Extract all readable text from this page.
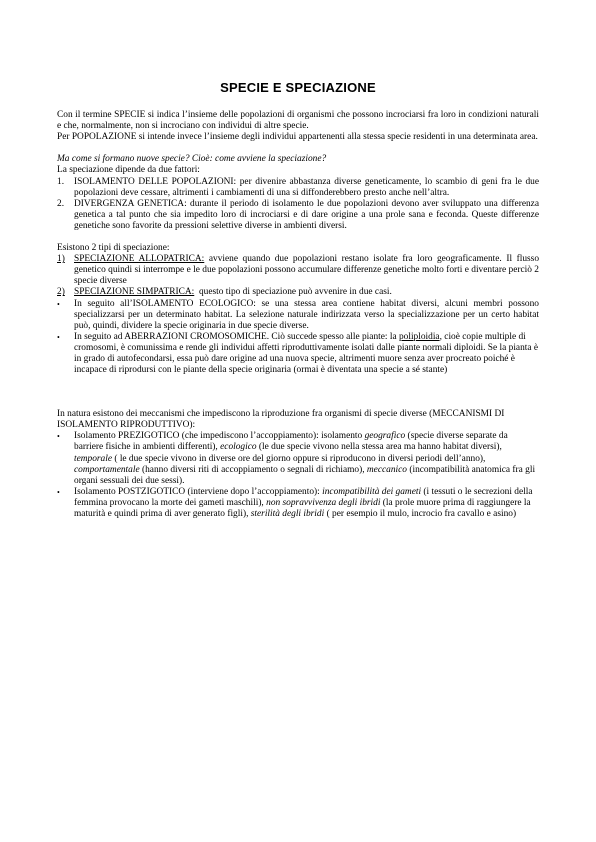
SPECIE E SPECIAZIONE

Con il termine SPECIE si indica l’insieme delle popolazioni di organismi che possono incrociarsi fra loro in condizioni naturali e che, normalmente, non si incrociano con individui di altre specie.

Per POPOLAZIONE si intende invece l’insieme degli individui appartenenti alla stessa specie residenti in una determinata area.

Ma come si formano nuove specie? Cioè: come avviene la speciazione?

La speciazione dipende da due fattori:

1.	ISOLAMENTO DELLE POPOLAZIONI: per divenire abbastanza diverse geneticamente, lo scambio di geni fra le due popolazioni deve cessare, altrimenti i cambiamenti di una si diffonderebbero presto anche nell’altra.
2.	DIVERGENZA GENETICA: durante il periodo di isolamento le due popolazioni devono aver sviluppato una differenza genetica a tal punto che sia impedito loro di incrociarsi e di dare origine a una prole sana e feconda. Queste differenze genetiche sono favorite da pressioni selettive diverse in ambienti diversi.

Esistono 2 tipi di speciazione:

1) SPECIAZIONE ALLOPATRICA: avviene quando due popolazioni restano isolate fra loro geograficamente. Il flusso genetico quindi si interrompe e le due popolazioni possono accumulare differenze genetiche molto forti e diventare perciò 2 specie diverse
2) SPECIAZIONE SIMPATRICA:  questo tipo di speciazione può avvenire in due casi.
•	In seguito all’ISOLAMENTO ECOLOGICO: se una stessa area contiene habitat diversi, alcuni membri possono specializzarsi per un determinato habitat. La selezione naturale indirizzata verso la specializzazione per un certo habitat può, quindi, dividere la specie originaria in due specie diverse.
•	In seguito ad ABERRAZIONI CROMOSOMICHE. Ciò succede spesso alle piante: la poliploidia, cioè copie multiple di cromosomi, è comunissima e rende gli individui affetti riproduttivamente isolati dalle piante normali diploidi. Se la pianta è in grado di autofecondarsi, essa può dare origine ad una nuova specie, altrimenti muore senza aver procreato poiché è incapace di riprodursi con le piante della specie originaria (ormai è diventata una specie a sé stante)

In natura esistono dei meccanismi che impediscono la riproduzione fra organismi di specie diverse (MECCANISMI DI ISOLAMENTO RIPRODUTTIVO):

•	Isolamento PREZIGOTICO (che impediscono l’accoppiamento): isolamento geografico (specie diverse separate da barriere fisiche in ambienti differenti), ecologico (le due specie vivono nella stessa area ma hanno habitat diversi), temporale ( le due specie vivono in diverse ore del giorno oppure si riproducono in diversi periodi dell’anno), comportamentale (hanno diversi riti di accoppiamento o segnali di richiamo), meccanico (incompatibilità anatomica fra gli organi sessuali dei due sessi).
•	Isolamento POSTZIGOTICO (interviene dopo l’accoppiamento): incompatibilità dei gameti (i tessuti o le secrezioni della femmina provocano la morte dei gameti maschili), non sopravvivenza degli ibridi (la prole muore prima di raggiungere la maturità e quindi prima di aver generato figli), sterilità degli ibridi ( per esempio il mulo, incrocio fra cavallo e asino)
